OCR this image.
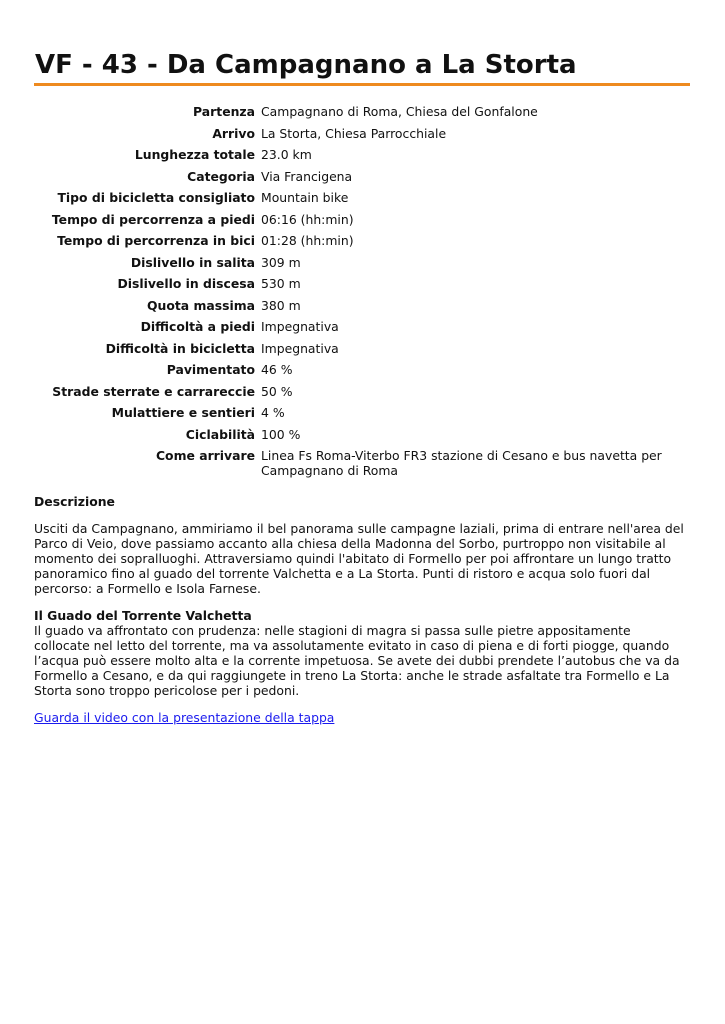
VF - 43 - Da Campagnano a La Storta
Partenza	Campagnano di Roma, Chiesa del Gonfalone
Arrivo	La Storta, Chiesa Parrocchiale
Lunghezza totale	23.0 km
Categoria	Via Francigena
Tipo di bicicletta consigliato	Mountain bike
Tempo di percorrenza a piedi	06:16 (hh:min)
Tempo di percorrenza in bici	01:28 (hh:min)
Dislivello in salita	309 m
Dislivello in discesa	530 m
Quota massima	380 m
Difficoltà a piedi	Impegnativa
Difficoltà in bicicletta	Impegnativa
Pavimentato	46 %
Strade sterrate e carrareccie	50 %
Mulattiere e sentieri	4 %
Ciclabilità	100 %
Come arrivare	Linea Fs Roma-Viterbo FR3 stazione di Cesano e bus navetta per Campagnano di Roma
Descrizione
Usciti da Campagnano, ammiriamo il bel panorama sulle campagne laziali, prima di entrare nell'area del Parco di Veio, dove passiamo accanto alla chiesa della Madonna del Sorbo, purtroppo non visitabile al momento dei sopralluoghi. Attraversiamo quindi l'abitato di Formello per poi affrontare un lungo tratto panoramico fino al guado del torrente Valchetta e a La Storta. Punti di ristoro e acqua solo fuori dal percorso: a Formello e Isola Farnese.
Il Guado del Torrente Valchetta
Il guado va affrontato con prudenza: nelle stagioni di magra si passa sulle pietre appositamente collocate nel letto del torrente, ma va assolutamente evitato in caso di piena e di forti piogge, quando l’acqua può essere molto alta e la corrente impetuosa. Se avete dei dubbi prendete l’autobus che va da Formello a Cesano, e da qui raggiungete in treno La Storta: anche le strade asfaltate tra Formello e La Storta sono troppo pericolose per i pedoni.
Guarda il video con la presentazione della tappa
